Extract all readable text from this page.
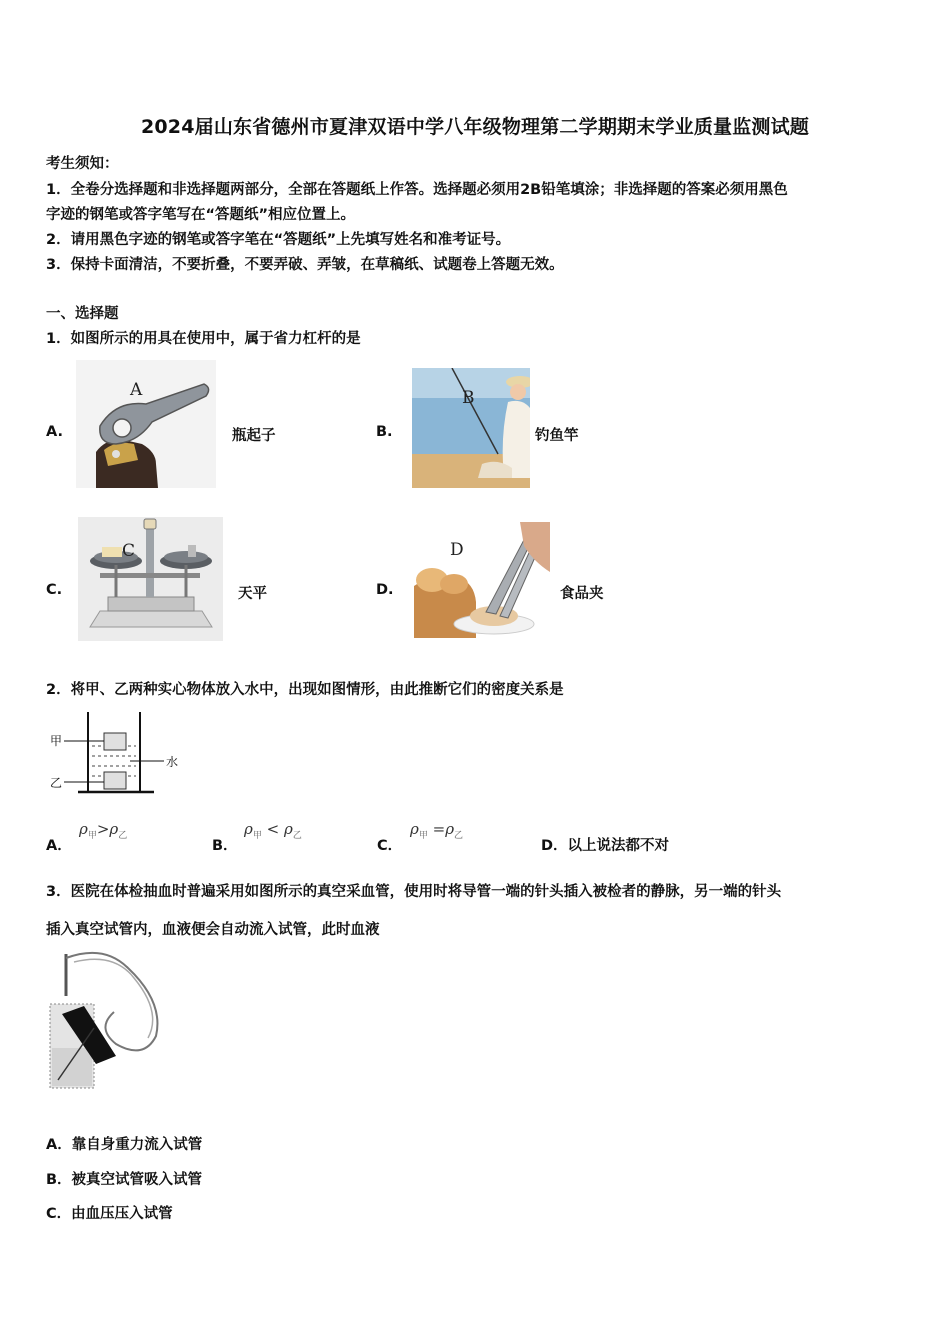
2024届山东省德州市夏津双语中学八年级物理第二学期期末学业质量监测试题
考生须知：
1．全卷分选择题和非选择题两部分，全部在答题纸上作答。选择题必须用2B铅笔填涂；非选择题的答案必须用黑色
字迹的钢笔或答字笔写在“答题纸”相应位置上。
2．请用黑色字迹的钢笔或答字笔在“答题纸”上先填写姓名和准考证号。
3．保持卡面清洁，不要折叠，不要弄破、弄皱，在草稿纸、试题卷上答题无效。
一、选择题
1．如图所示的用具在使用中，属于省力杠杆的是
A.
A
瓶起子	B.
B
钓鱼竿
C.
C
天平	D.
D
食品夹
2．将甲、乙两种实心物体放入水中，出现如图情形，由此推断它们的密度关系是
甲
乙
水
A．
$\rho_甲>\rho_乙$
B．
$\rho_甲 < \rho_乙$
C．
$\rho_甲 =\rho_乙$
D．以上说法都不对
3．医院在体检抽血时普遍采用如图所示的真空采血管，使用时将导管一端的针头插入被检者的静脉，另一端的针头
插入真空试管内，血液便会自动流入试管，此时血液
A．靠自身重力流入试管
B．被真空试管吸入试管
C．由血压压入试管
